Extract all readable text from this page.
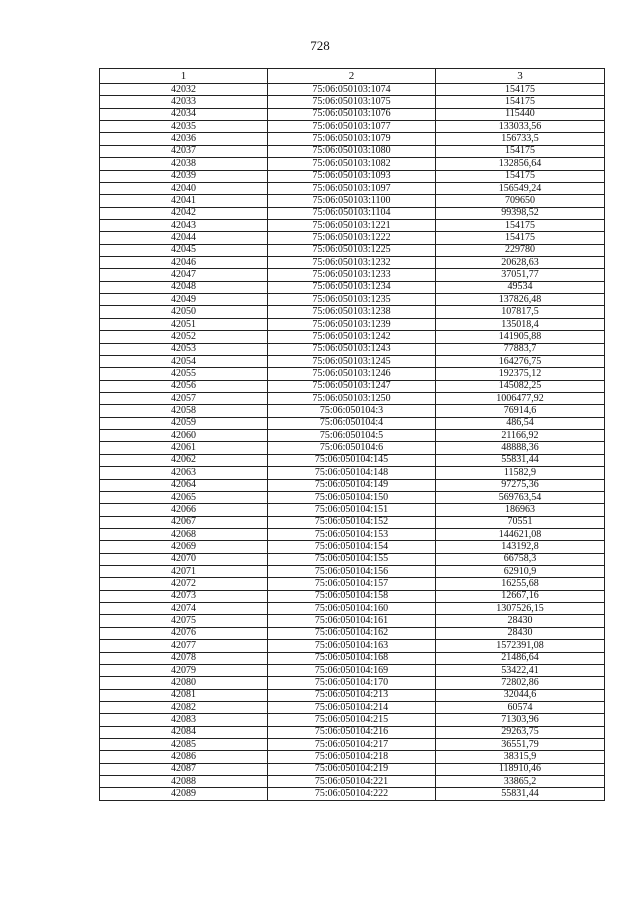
728
1	2	3
42032	75:06:050103:1074	154175
42033	75:06:050103:1075	154175
42034	75:06:050103:1076	115440
42035	75:06:050103:1077	133033,56
42036	75:06:050103:1079	156733,5
42037	75:06:050103:1080	154175
42038	75:06:050103:1082	132856,64
42039	75:06:050103:1093	154175
42040	75:06:050103:1097	156549,24
42041	75:06:050103:1100	709650
42042	75:06:050103:1104	99398,52
42043	75:06:050103:1221	154175
42044	75:06:050103:1222	154175
42045	75:06:050103:1225	229780
42046	75:06:050103:1232	20628,63
42047	75:06:050103:1233	37051,77
42048	75:06:050103:1234	49534
42049	75:06:050103:1235	137826,48
42050	75:06:050103:1238	107817,5
42051	75:06:050103:1239	135018,4
42052	75:06:050103:1242	141905,88
42053	75:06:050103:1243	77883,7
42054	75:06:050103:1245	164276,75
42055	75:06:050103:1246	192375,12
42056	75:06:050103:1247	145082,25
42057	75:06:050103:1250	1006477,92
42058	75:06:050104:3	76914,6
42059	75:06:050104:4	486,54
42060	75:06:050104:5	21166,92
42061	75:06:050104:6	48888,36
42062	75:06:050104:145	55831,44
42063	75:06:050104:148	11582,9
42064	75:06:050104:149	97275,36
42065	75:06:050104:150	569763,54
42066	75:06:050104:151	186963
42067	75:06:050104:152	70551
42068	75:06:050104:153	144621,08
42069	75:06:050104:154	143192,8
42070	75:06:050104:155	66758,3
42071	75:06:050104:156	62910,9
42072	75:06:050104:157	16255,68
42073	75:06:050104:158	12667,16
42074	75:06:050104:160	1307526,15
42075	75:06:050104:161	28430
42076	75:06:050104:162	28430
42077	75:06:050104:163	1572391,08
42078	75:06:050104:168	21486,64
42079	75:06:050104:169	53422,41
42080	75:06:050104:170	72802,86
42081	75:06:050104:213	32044,6
42082	75:06:050104:214	60574
42083	75:06:050104:215	71303,96
42084	75:06:050104:216	29263,75
42085	75:06:050104:217	36551,79
42086	75:06:050104:218	38315,9
42087	75:06:050104:219	118910,46
42088	75:06:050104:221	33865,2
42089	75:06:050104:222	55831,44
